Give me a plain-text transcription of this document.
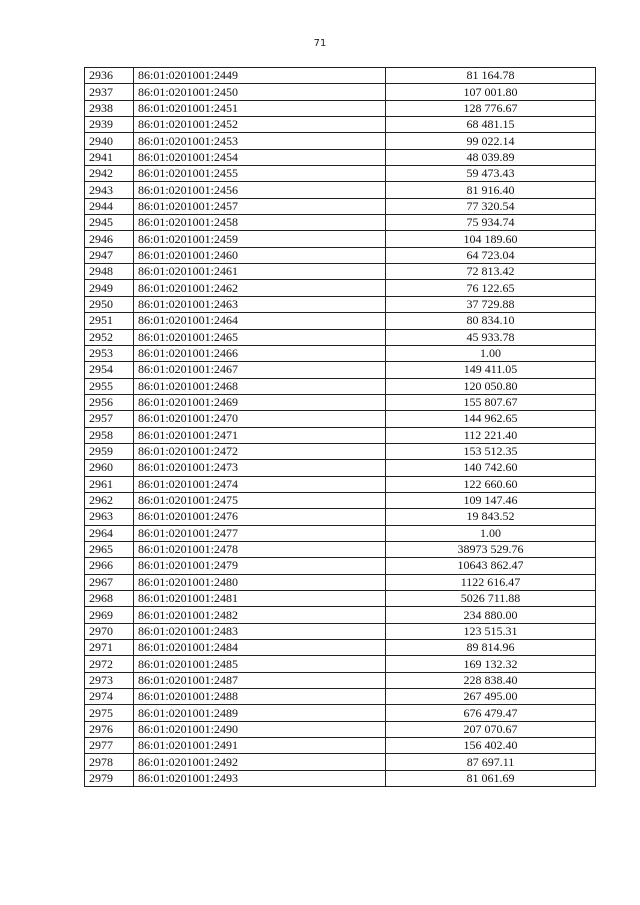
71
2936	86:01:0201001:2449	81 164.78
2937	86:01:0201001:2450	107 001.80
2938	86:01:0201001:2451	128 776.67
2939	86:01:0201001:2452	68 481.15
2940	86:01:0201001:2453	99 022.14
2941	86:01:0201001:2454	48 039.89
2942	86:01:0201001:2455	59 473.43
2943	86:01:0201001:2456	81 916.40
2944	86:01:0201001:2457	77 320.54
2945	86:01:0201001:2458	75 934.74
2946	86:01:0201001:2459	104 189.60
2947	86:01:0201001:2460	64 723.04
2948	86:01:0201001:2461	72 813.42
2949	86:01:0201001:2462	76 122.65
2950	86:01:0201001:2463	37 729.88
2951	86:01:0201001:2464	80 834.10
2952	86:01:0201001:2465	45 933.78
2953	86:01:0201001:2466	1.00
2954	86:01:0201001:2467	149 411.05
2955	86:01:0201001:2468	120 050.80
2956	86:01:0201001:2469	155 807.67
2957	86:01:0201001:2470	144 962.65
2958	86:01:0201001:2471	112 221.40
2959	86:01:0201001:2472	153 512.35
2960	86:01:0201001:2473	140 742.60
2961	86:01:0201001:2474	122 660.60
2962	86:01:0201001:2475	109 147.46
2963	86:01:0201001:2476	19 843.52
2964	86:01:0201001:2477	1.00
2965	86:01:0201001:2478	38973 529.76
2966	86:01:0201001:2479	10643 862.47
2967	86:01:0201001:2480	1122 616.47
2968	86:01:0201001:2481	5026 711.88
2969	86:01:0201001:2482	234 880.00
2970	86:01:0201001:2483	123 515.31
2971	86:01:0201001:2484	89 814.96
2972	86:01:0201001:2485	169 132.32
2973	86:01:0201001:2487	228 838.40
2974	86:01:0201001:2488	267 495.00
2975	86:01:0201001:2489	676 479.47
2976	86:01:0201001:2490	207 070.67
2977	86:01:0201001:2491	156 402.40
2978	86:01:0201001:2492	87 697.11
2979	86:01:0201001:2493	81 061.69
